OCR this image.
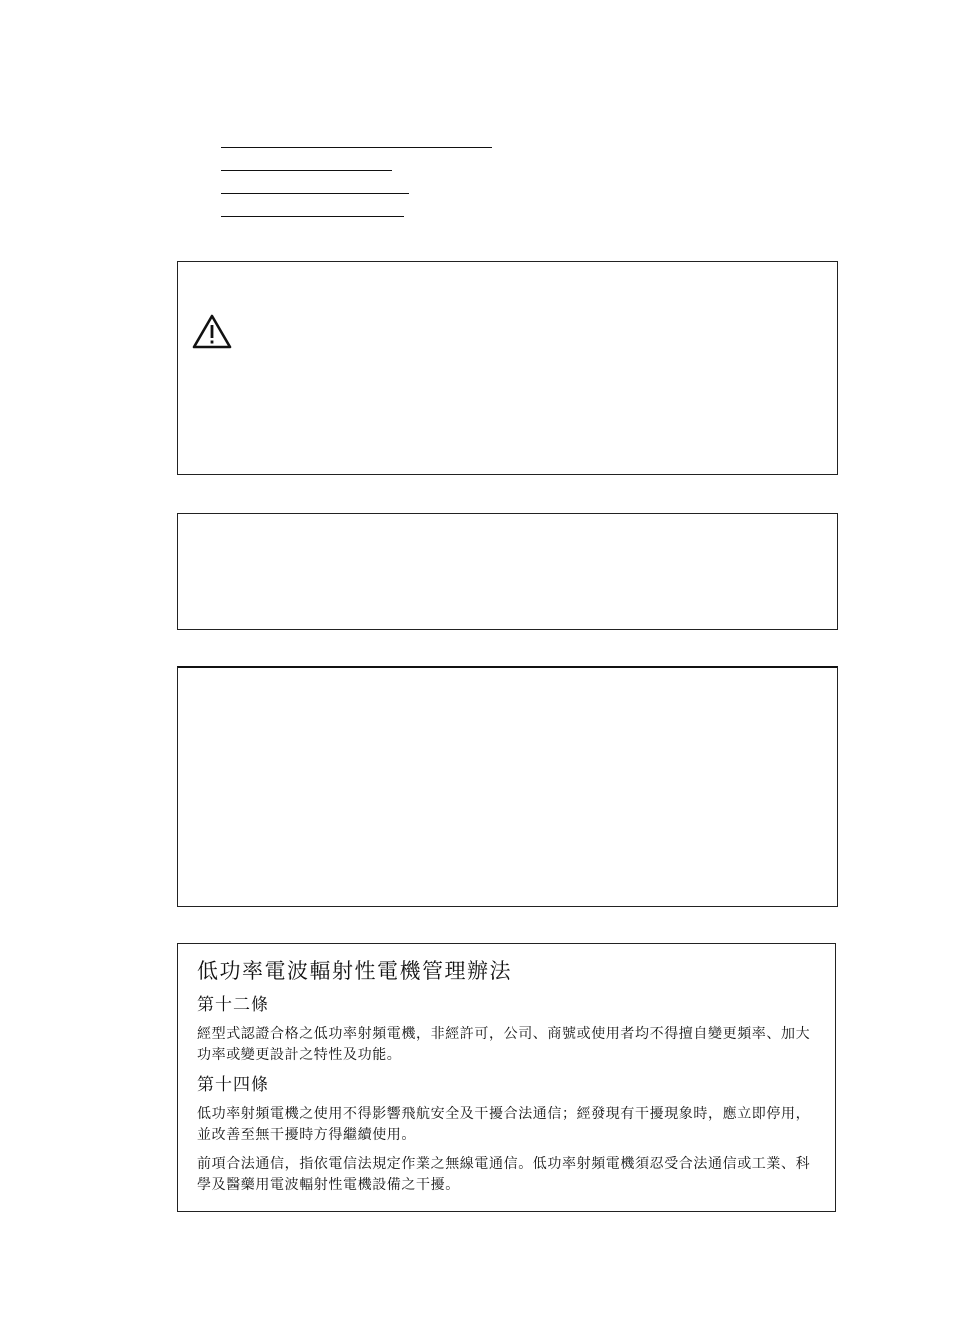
低功率電波輻射性電機管理辦法
第十二條

經型式認證合格之低功率射頻電機，非經許可，公司、商號或使用者均不得擅自變更頻率、加大功率或變更設計之特性及功能。

第十四條

低功率射頻電機之使用不得影響飛航安全及干擾合法通信；經發現有干擾現象時，應立即停用，並改善至無干擾時方得繼續使用。

前項合法通信，指依電信法規定作業之無線電通信。低功率射頻電機須忍受合法通信或工業、科學及醫藥用電波輻射性電機設備之干擾。
